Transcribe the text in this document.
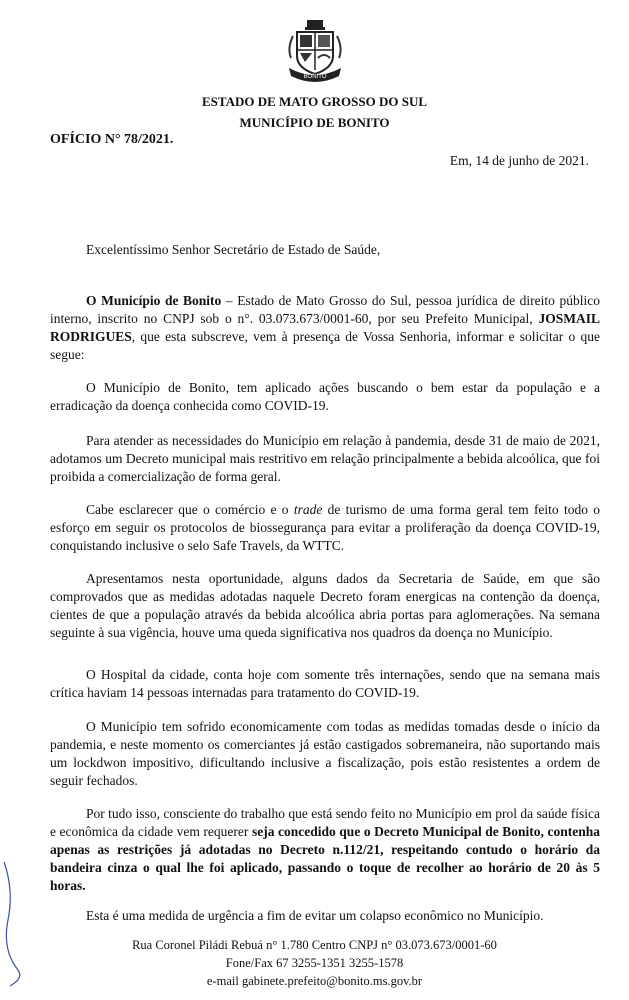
BONITO
ESTADO DE MATO GROSSO DO SUL
MUNICÍPIO DE BONITO
OFÍCIO N° 78/2021.
Em, 14 de junho de 2021.
Excelentíssimo Senhor Secretário de Estado de Saúde,

O Município de Bonito – Estado de Mato Grosso do Sul, pessoa jurídica de direito público interno, inscrito no CNPJ sob o n°. 03.073.673/0001-60, por seu Prefeito Municipal, JOSMAIL RODRIGUES, que esta subscreve, vem à presença de Vossa Senhoria, informar e solicitar o que segue:

O Município de Bonito, tem aplicado ações buscando o bem estar da população e a erradicação da doença conhecida como COVID-19.

Para atender as necessidades do Município em relação à pandemia, desde 31 de maio de 2021, adotamos um Decreto municipal mais restritivo em relação principalmente a bebida alcoólica, que foi proibida a comercialização de forma geral.

Cabe esclarecer que o comércio e o trade de turismo de uma forma geral tem feito todo o esforço em seguir os protocolos de biossegurança para evitar a proliferação da doença COVID-19, conquistando inclusive o selo Safe Travels, da WTTC.

Apresentamos nesta oportunidade, alguns dados da Secretaria de Saúde, em que são comprovados que as medidas adotadas naquele Decreto foram energicas na contenção da doença, cientes de que a população através da bebida alcoólica abria portas para aglomerações. Na semana seguinte à sua vigência, houve uma queda significativa nos quadros da doença no Município.

O Hospital da cidade, conta hoje com somente três internações, sendo que na semana mais crítica haviam 14 pessoas internadas para tratamento do COVID-19.

O Município tem sofrido economicamente com todas as medidas tomadas desde o início da pandemia, e neste momento os comerciantes já estão castigados sobremaneira, não suportando mais um lockdwon impositivo, dificultando inclusive a fiscalização, pois estão resistentes a ordem de seguir fechados.

Por tudo isso, consciente do trabalho que está sendo feito no Município em prol da saúde física e econômica da cidade vem requerer seja concedido que o Decreto Municipal de Bonito, contenha apenas as restrições já adotadas no Decreto n.112/21, respeitando contudo o horário da bandeira cinza o qual lhe foi aplicado, passando o toque de recolher ao horário de 20 às 5 horas.

Esta é uma medida de urgência a fim de evitar um colapso econômico no Município.

Rua Coronel Piládi Rebuá n° 1.780 Centro CNPJ n° 03.073.673/0001-60
Fone/Fax 67 3255-1351 3255-1578
e-mail gabinete.prefeito@bonito.ms.gov.br
